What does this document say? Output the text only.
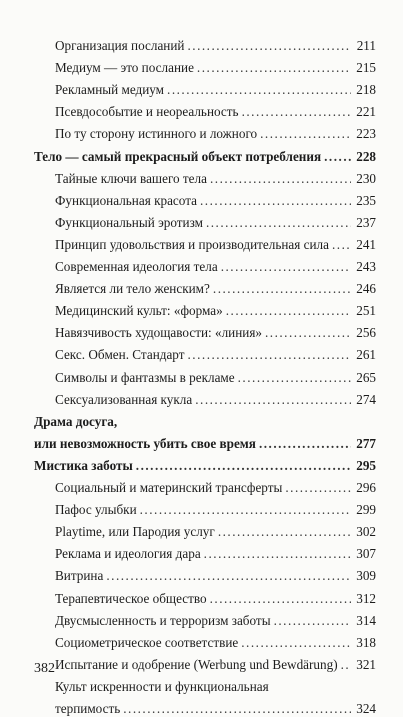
Организация посланий .....	211
Медиум — это послание .....	215
Рекламный медиум .....	218
Псевдособытие и неореальность .....	221
По ту сторону истинного и ложного .....	223
Тело — самый прекрасный объект потребления .....	228
Тайные ключи вашего тела .....	230
Функциональная красота .....	235
Функциональный эротизм .....	237
Принцип удовольствия и производительная сила ..... 241
Современная идеология тела .....	243
Является ли тело женским? .....	246
Медицинский культ: «форма» .....	251
Навязчивость худощавости: «линия» .....	256
Секс. Обмен. Стандарт .....	261
Символы и фантазмы в рекламе .....	265
Сексуализованная кукла .....	274
Драма досуга,
или невозможность убить свое время .....	277
Мистика заботы .....	295
Социальный и материнский трансферты .....	296
Пафос улыбки .....	299
Playtime, или Пародия услуг .....	302
Реклама и идеология дара .....	307
Витрина .....	309
Терапевтическое общество .....	312
Двусмысленность и терроризм заботы .....	314
Социометрическое соответствие .....	318
Испытание и одобрение (Werbung und Bewdärung) ..... 321
Культ искренности и функциональная
терпимость .....	324
382
